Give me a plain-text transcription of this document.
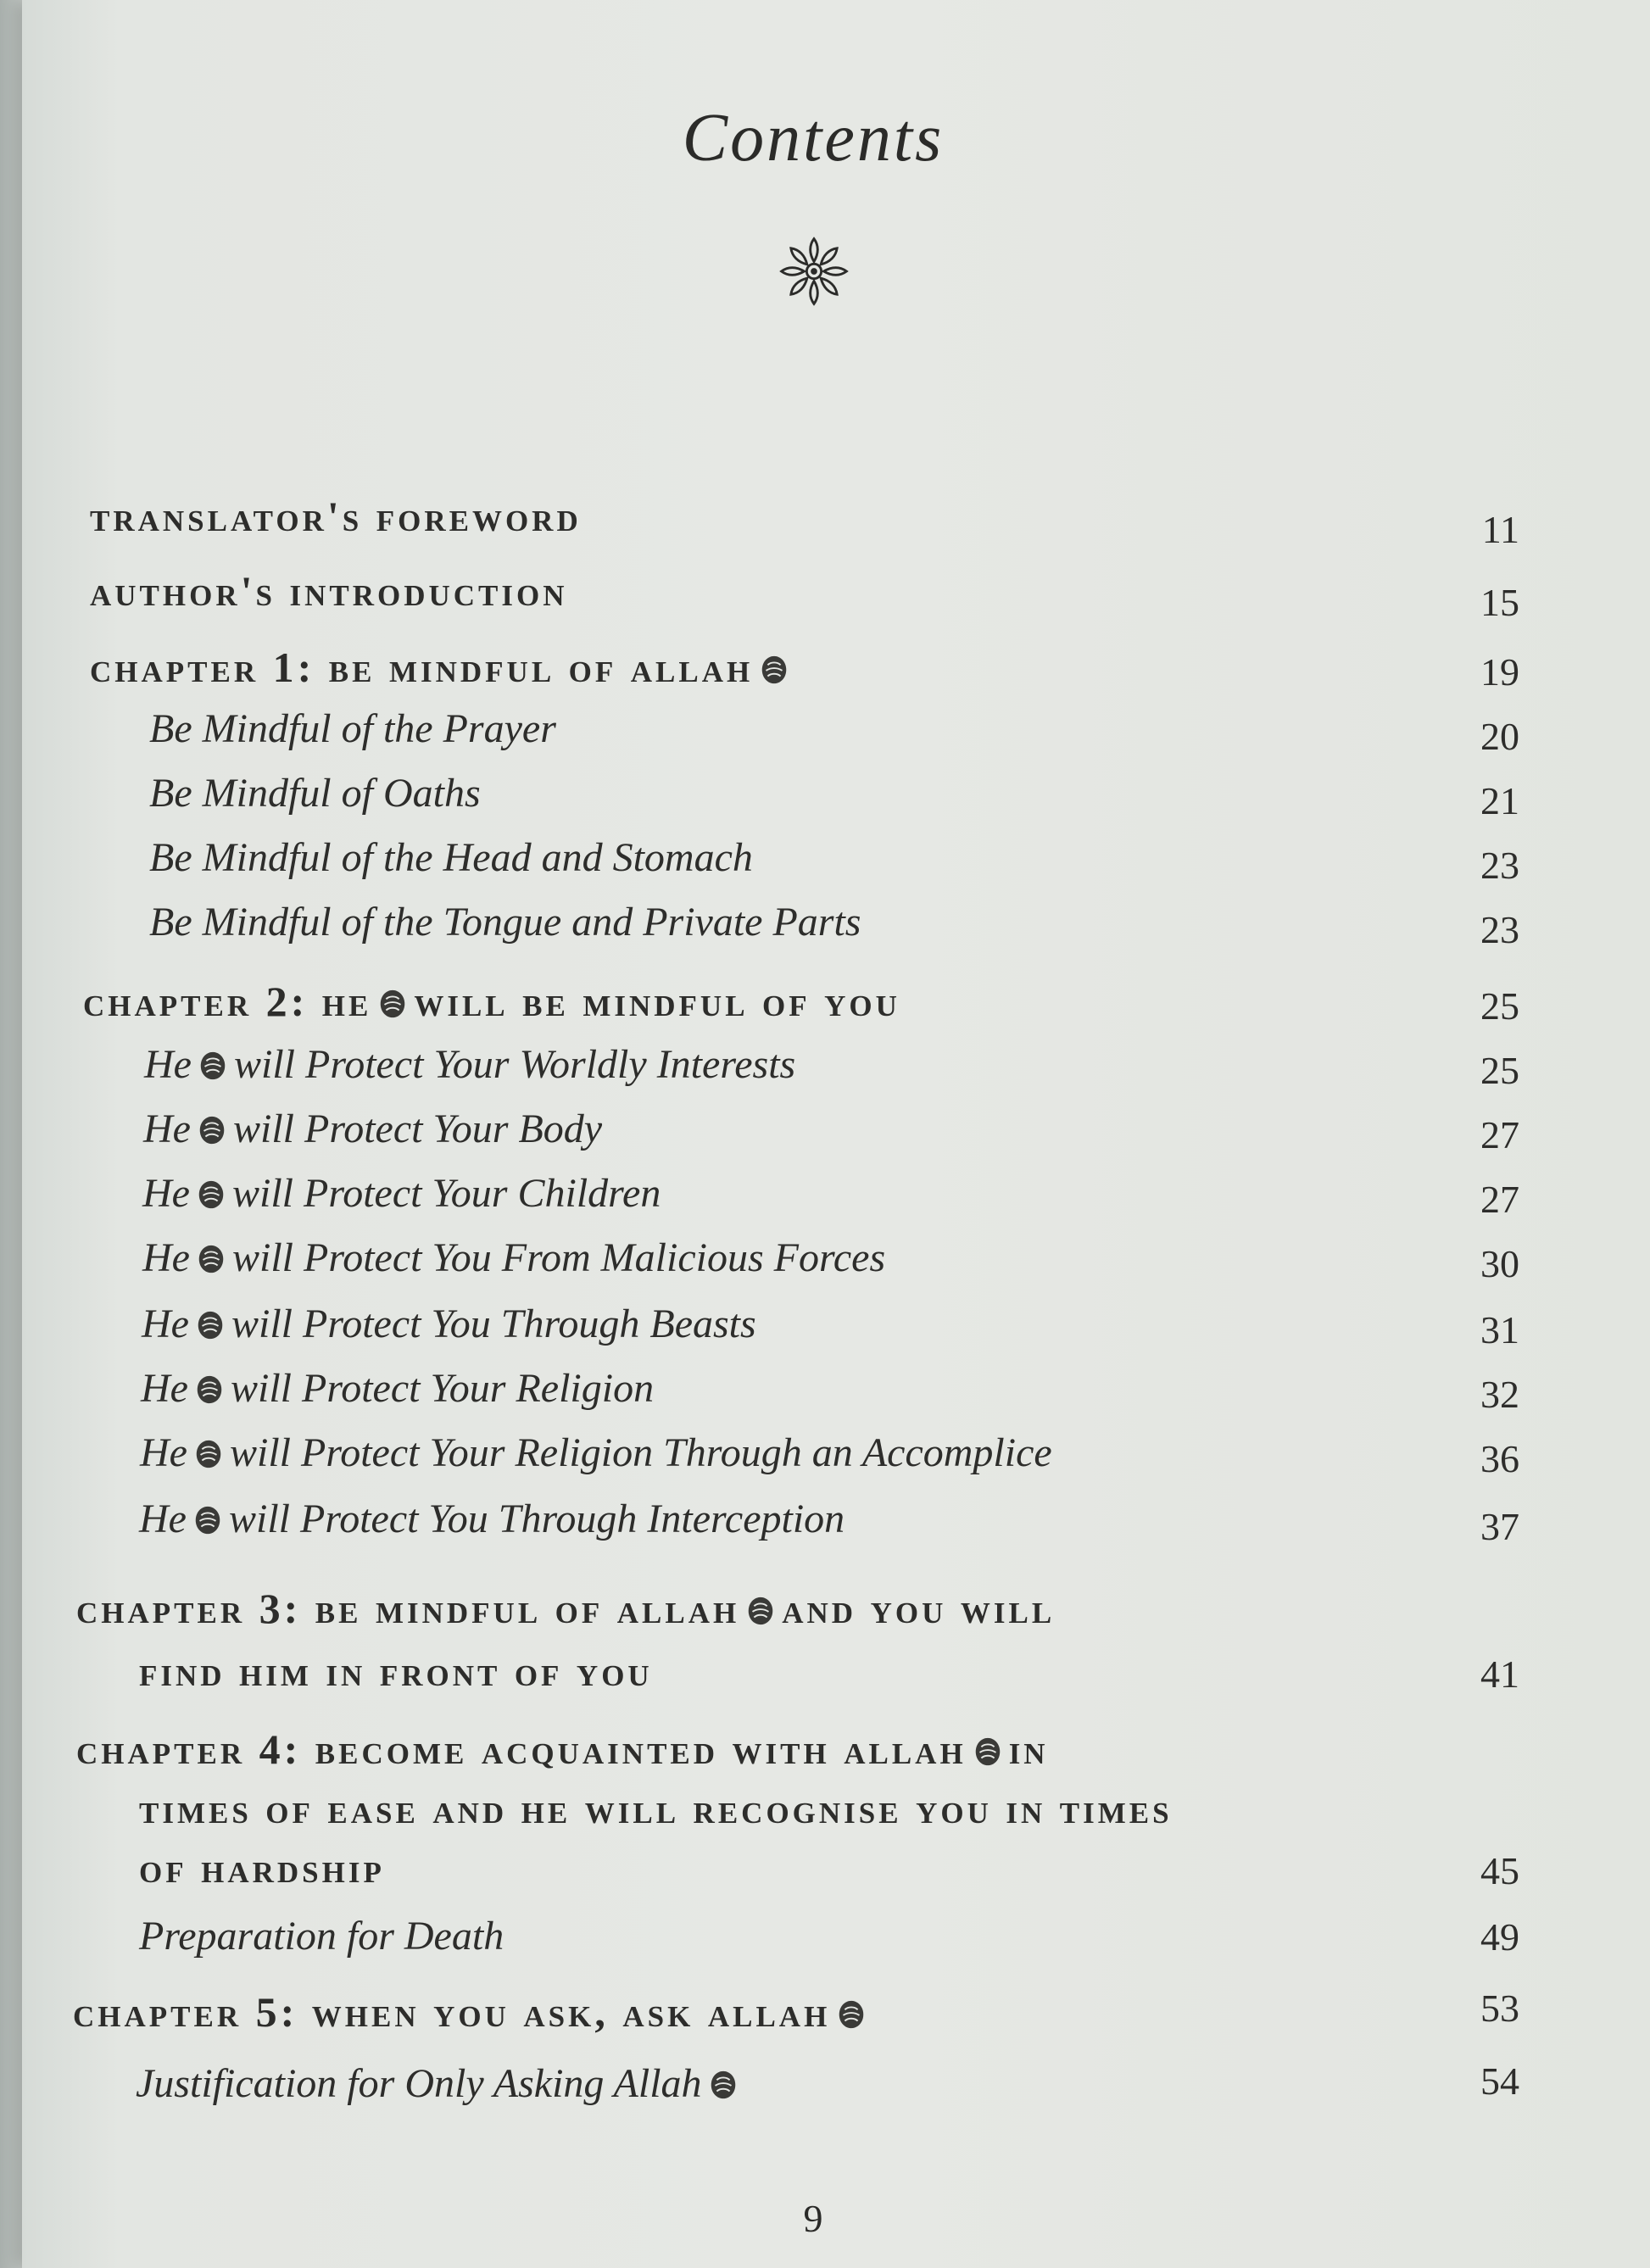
Contents
translator's foreword	11
author's introduction	15
chapter 1: be mindful of allah	19
Be Mindful of the Prayer	20
Be Mindful of Oaths	21
Be Mindful of the Head and Stomach	23
Be Mindful of the Tongue and Private Parts	23
chapter 2: he will be mindful of you	25
He will Protect Your Worldly Interests	25
He will Protect Your Body	27
He will Protect Your Children	27
He will Protect You From Malicious Forces	30
He will Protect You Through Beasts	31
He will Protect Your Religion	32
He will Protect Your Religion Through an Accomplice	36
He will Protect You Through Interception	37
chapter 3: be mindful of allah and you will
find him in front of you	41
chapter 4: become acquainted with allah in
times of ease and he will recognise you in times
of hardship	45
Preparation for Death	49
chapter 5: when you ask, ask allah	53
Justification for Only Asking Allah	54
9
